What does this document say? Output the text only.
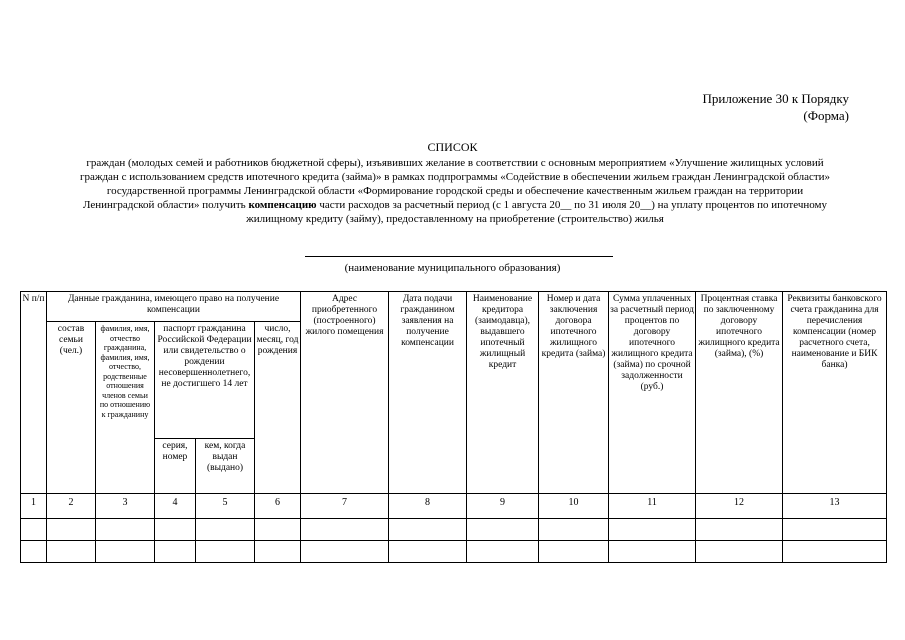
Приложение 30 к Порядку
(Форма)
СПИСОК
граждан (молодых семей и работников бюджетной сферы), изъявивших желание в соответствии с основным мероприятием «Улучшение жилищных условий граждан с использованием средств ипотечного кредита (займа)» в рамках подпрограммы «Содействие в обеспечении жильем граждан Ленинградской области» государственной программы Ленинградской области «Формирование городской среды и обеспечение качественным жильем граждан на территории Ленинградской области» получить компенсацию части расходов за расчетный период (с 1 августа 20__ по 31 июля 20__) на уплату процентов по ипотечному жилищному кредиту (займу), предоставленному на приобретение (строительство) жилья
(наименование муниципального образования)
N п/п	Данные гражданина, имеющего право на получение компенсации					Адрес приобретенного (построенного) жилого помещения	Дата подачи гражданином заявления на получение компенсации	Наименование кредитора (заимодавца), выдавшего ипотечный жилищный кредит	Номер и дата заключения договора ипотечного жилищного кредита (займа)	Сумма уплаченных за расчетный период процентов по договору ипотечного жилищного кредита (займа) по срочной задолженности (руб.)	Процентная ставка по заключенному договору ипотечного жилищного кредита (займа), (%)	Реквизиты банковского счета гражданина для перечисления компенсации (номер расчетного счета, наименование и БИК банка)
	состав семьи (чел.)	фамилия, имя, отчество гражданина, фамилия, имя, отчество, родственные отношения членов семьи по отношению к гражданину	паспорт гражданина Российской Федерации или свидетельство о рождении несовершеннолетнего, не достигшего 14 лет		число, месяц, год рождения							
			серия, номер	кем, когда выдан (выдано)								
1	2	3	4	5	6	7	8	9	10	11	12	13
